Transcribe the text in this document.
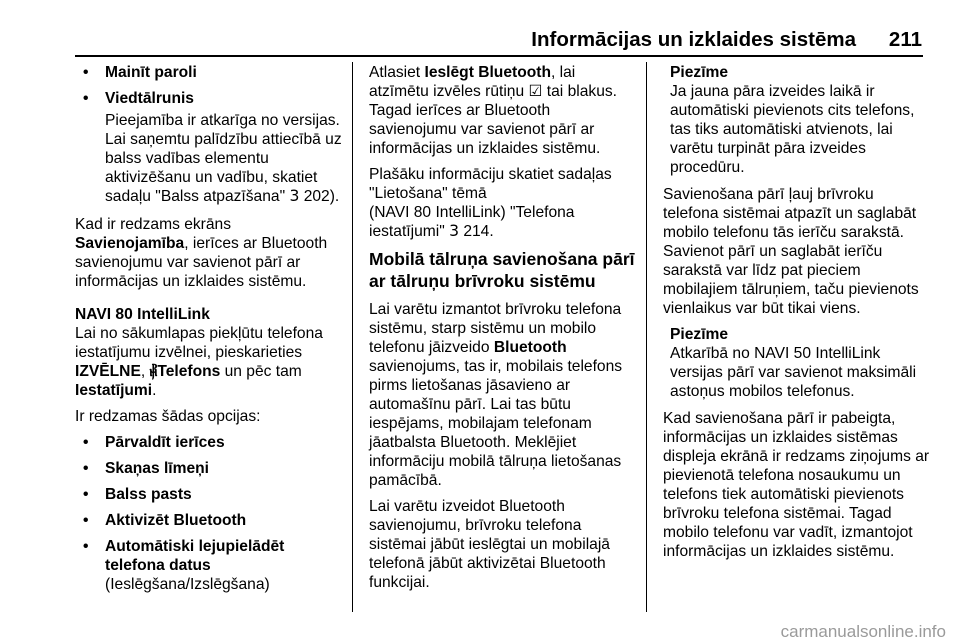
Informācijas un izklaides sistēma 211
• Mainīt paroli
• Viedtālrunis
Pieejamība ir atkarīga no versijas. Lai saņemtu palīdzību attiecībā uz balss vadības elementu aktivizēšanu un vadību, skatiet sadaļu "Balss atpazīšana" 3 202).

Kad ir redzams ekrāns Savienojamība, ierīces ar Bluetooth savienojumu var savienot pārī ar informācijas un izklaides sistēmu.

NAVI 80 IntelliLink

Lai no sākumlapas piekļūtu telefona iestatījumu izvēlnei, pieskarieties IZVĒLNE, ⳥Telefons un pēc tam Iestatījumi.

Ir redzamas šādas opcijas:

• Pārvaldīt ierīces
• Skaņas līmeņi
• Balss pasts
• Aktivizēt Bluetooth
• Automātiski lejupielādēt telefona datus (Ieslēgšana/Izslēgšana)

Atlasiet Ieslēgt Bluetooth, lai atzīmētu izvēles rūtiņu ☑ tai blakus. Tagad ierīces ar Bluetooth savienojumu var savienot pārī ar informācijas un izklaides sistēmu.

Plašāku informāciju skatiet sadaļas "Lietošana" tēmā
(NAVI 80 IntelliLink) "Telefona iestatījumi" 3 214.

Mobilā tālruņa savienošana pārī ar tālruņu brīvroku sistēmu

Lai varētu izmantot brīvroku telefona sistēmu, starp sistēmu un mobilo telefonu jāizveido Bluetooth savienojums, tas ir, mobilais telefons pirms lietošanas jāsavieno ar automašīnu pārī. Lai tas būtu iespējams, mobilajam telefonam jāatbalsta Bluetooth. Meklējiet informāciju mobilā tālruņa lietošanas pamācībā.

Lai varētu izveidot Bluetooth savienojumu, brīvroku telefona sistēmai jābūt ieslēgtai un mobilajā telefonā jābūt aktivizētai Bluetooth funkcijai.

Piezīme
Ja jauna pāra izveides laikā ir automātiski pievienots cits telefons, tas tiks automātiski atvienots, lai varētu turpināt pāra izveides procedūru.

Savienošana pārī ļauj brīvroku telefona sistēmai atpazīt un saglabāt mobilo telefonu tās ierīču sarakstā. Savienot pārī un saglabāt ierīču sarakstā var līdz pat pieciem mobilajiem tālruņiem, taču pievienots vienlaikus var būt tikai viens.

Piezīme
Atkarībā no NAVI 50 IntelliLink versijas pārī var savienot maksimāli astoņus mobilos telefonus.

Kad savienošana pārī ir pabeigta, informācijas un izklaides sistēmas displeja ekrānā ir redzams ziņojums ar pievienotā telefona nosaukumu un telefons tiek automātiski pievienots brīvroku telefona sistēmai. Tagad mobilo telefonu var vadīt, izmantojot informācijas un izklaides sistēmu.

carmanualsonline.info
